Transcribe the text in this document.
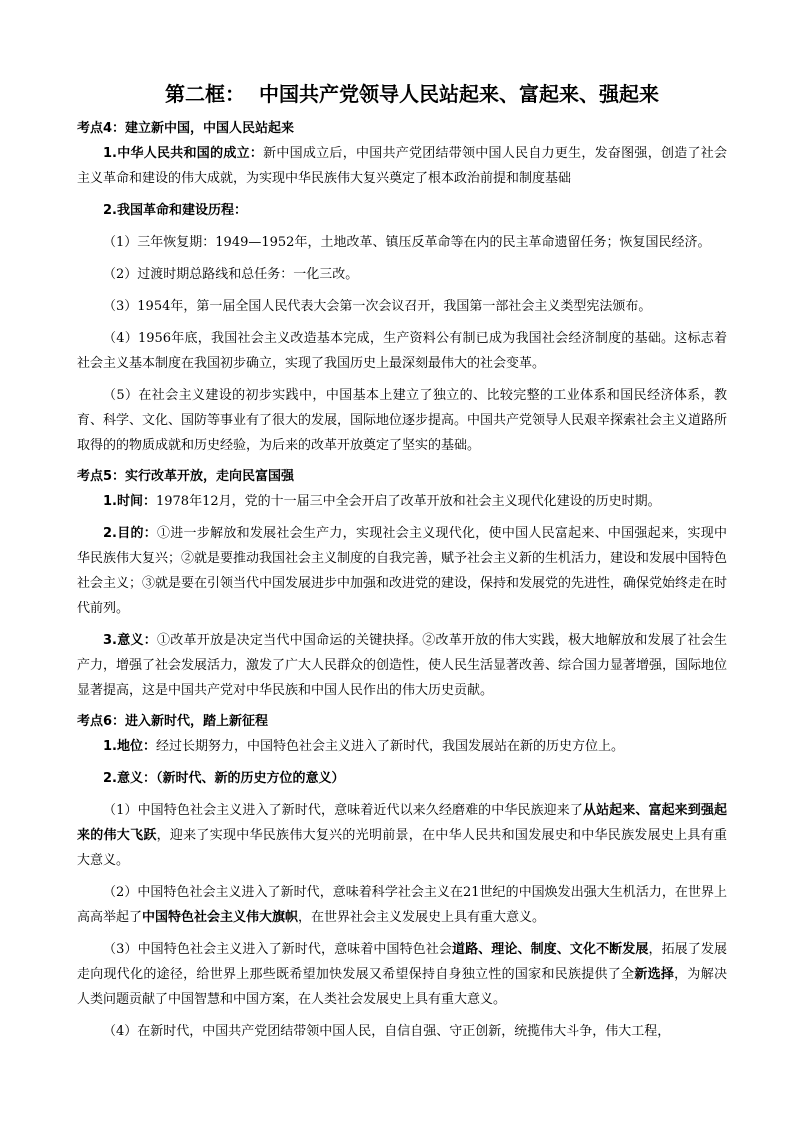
第二框：  中国共产党领导人民站起来、富起来、强起来
考点4：建立新中国，中国人民站起来

1.中华人民共和国的成立：新中国成立后，中国共产党团结带领中国人民自力更生，发奋图强，创造了社会主义革命和建设的伟大成就，为实现中华民族伟大复兴奠定了根本政治前提和制度基础

2.我国革命和建设历程：

（1）三年恢复期：1949—1952年，土地改革、镇压反革命等在内的民主革命遗留任务；恢复国民经济。

（2）过渡时期总路线和总任务：一化三改。

（3）1954年，第一届全国人民代表大会第一次会议召开，我国第一部社会主义类型宪法颁布。

（4）1956年底，我国社会主义改造基本完成，生产资料公有制已成为我国社会经济制度的基础。这标志着社会主义基本制度在我国初步确立，实现了我国历史上最深刻最伟大的社会变革。

（5）在社会主义建设的初步实践中，中国基本上建立了独立的、比较完整的工业体系和国民经济体系，教育、科学、文化、国防等事业有了很大的发展，国际地位逐步提高。中国共产党领导人民艰辛探索社会主义道路所取得的的物质成就和历史经验，为后来的改革开放奠定了坚实的基础。

考点5：实行改革开放，走向民富国强

1.时间：1978年12月，党的十一届三中全会开启了改革开放和社会主义现代化建设的历史时期。

2.目的：①进一步解放和发展社会生产力，实现社会主义现代化，使中国人民富起来、中国强起来，实现中华民族伟大复兴；②就是要推动我国社会主义制度的自我完善，赋予社会主义新的生机活力，建设和发展中国特色社会主义；③就是要在引领当代中国发展进步中加强和改进党的建设，保持和发展党的先进性，确保党始终走在时代前列。

3.意义：①改革开放是决定当代中国命运的关键抉择。②改革开放的伟大实践，极大地解放和发展了社会生产力，增强了社会发展活力，激发了广大人民群众的创造性，使人民生活显著改善、综合国力显著增强，国际地位显著提高，这是中国共产党对中华民族和中国人民作出的伟大历史贡献。

考点6：进入新时代，踏上新征程

1.地位：经过长期努力，中国特色社会主义进入了新时代，我国发展站在新的历史方位上。

2.意义：（新时代、新的历史方位的意义）

（1）中国特色社会主义进入了新时代，意味着近代以来久经磨难的中华民族迎来了从站起来、富起来到强起来的伟大飞跃，迎来了实现中华民族伟大复兴的光明前景，在中华人民共和国发展史和中华民族发展史上具有重大意义。

（2）中国特色社会主义进入了新时代，意味着科学社会主义在21世纪的中国焕发出强大生机活力，在世界上高高举起了中国特色社会主义伟大旗帜，在世界社会主义发展史上具有重大意义。

（3）中国特色社会主义进入了新时代，意味着中国特色社会道路、理论、制度、文化不断发展，拓展了发展走向现代化的途径，给世界上那些既希望加快发展又希望保持自身独立性的国家和民族提供了全新选择，为解决人类问题贡献了中国智慧和中国方案，在人类社会发展史上具有重大意义。

（4）在新时代，中国共产党团结带领中国人民，自信自强、守正创新，统揽伟大斗争，伟大工程，
